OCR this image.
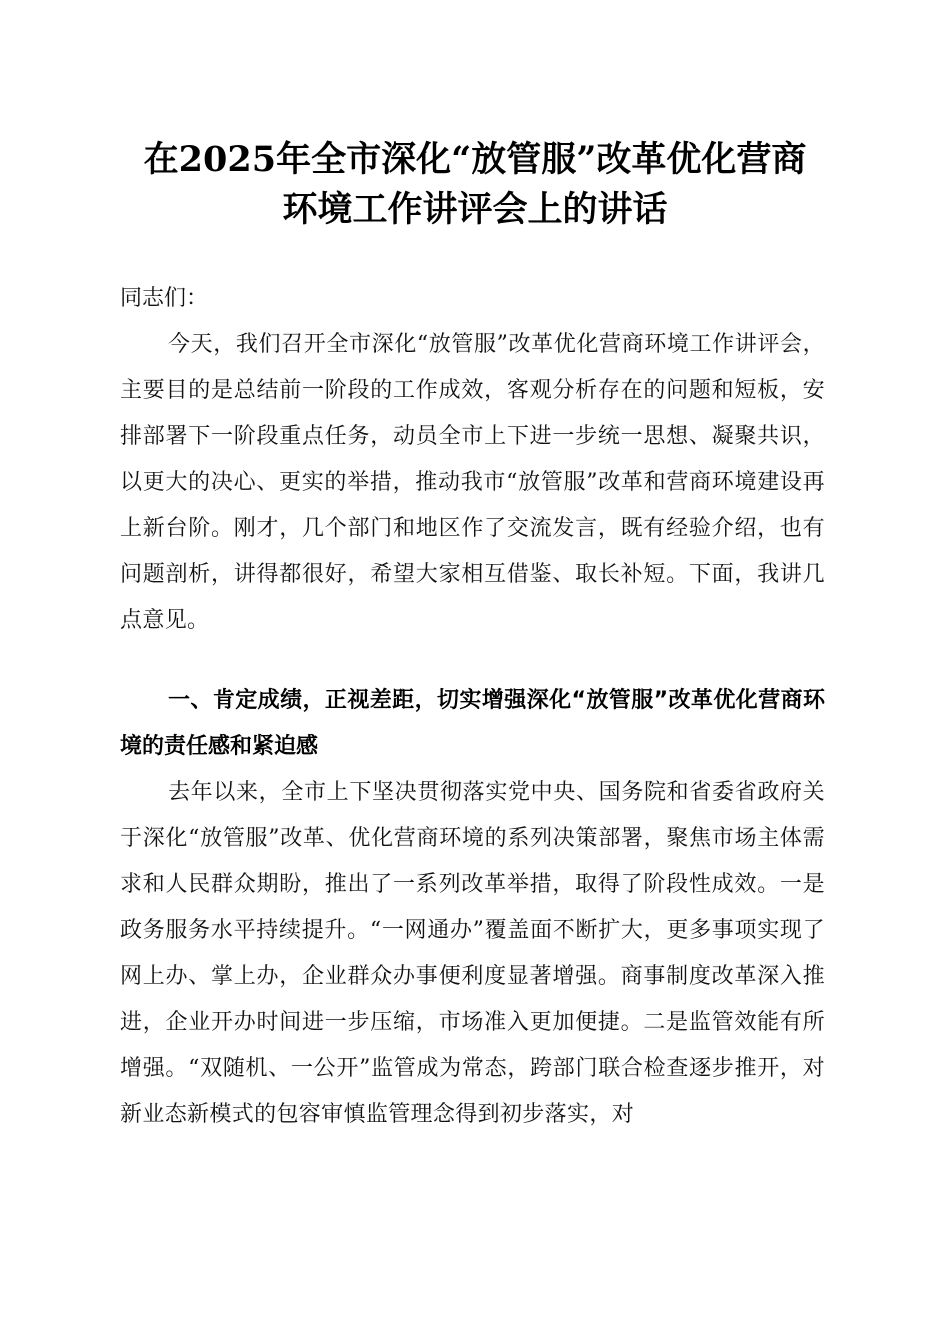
在2025年全市深化“放管服”改革优化营商
环境工作讲评会上的讲话
同志们：

今天，我们召开全市深化“放管服”改革优化营商环境工作讲评会，主要目的是总结前一阶段的工作成效，客观分析存在的问题和短板，安排部署下一阶段重点任务，动员全市上下进一步统一思想、凝聚共识，以更大的决心、更实的举措，推动我市“放管服”改革和营商环境建设再上新台阶。刚才，几个部门和地区作了交流发言，既有经验介绍，也有问题剖析，讲得都很好，希望大家相互借鉴、取长补短。下面，我讲几点意见。

一、肯定成绩，正视差距，切实增强深化“放管服”改革优化营商环境的责任感和紧迫感

去年以来，全市上下坚决贯彻落实党中央、国务院和省委省政府关于深化“放管服”改革、优化营商环境的系列决策部署，聚焦市场主体需求和人民群众期盼，推出了一系列改革举措，取得了阶段性成效。一是政务服务水平持续提升。“一网通办”覆盖面不断扩大，更多事项实现了网上办、掌上办，企业群众办事便利度显著增强。商事制度改革深入推进，企业开办时间进一步压缩，市场准入更加便捷。二是监管效能有所增强。“双随机、一公开”监管成为常态，跨部门联合检查逐步推开，对新业态新模式的包容审慎监管理念得到初步落实，对
